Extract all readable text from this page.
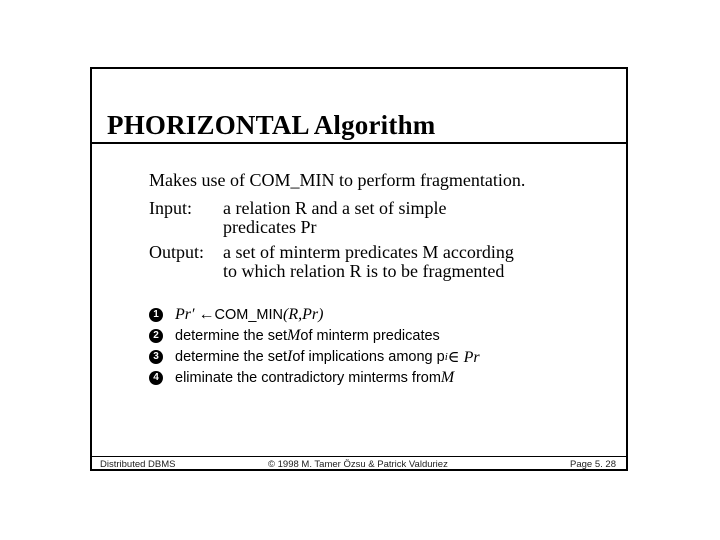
PHORIZONTAL Algorithm
Makes use of COM_MIN to perform fragmentation.
Input: a relation R and a set of simple
predicates Pr
Output: a set of minterm predicates M according
to which relation R is to be fragmented
1 Pr′ ← COM_MIN (R,Pr)
2 determine the set M of minterm predicates
3 determine the set I of implications among p i ∈ Pr
4 eliminate the contradictory minterms from M
Distributed DBMS	© 1998 M. Tamer Özsu & Patrick Valduriez	Page 5. 28
